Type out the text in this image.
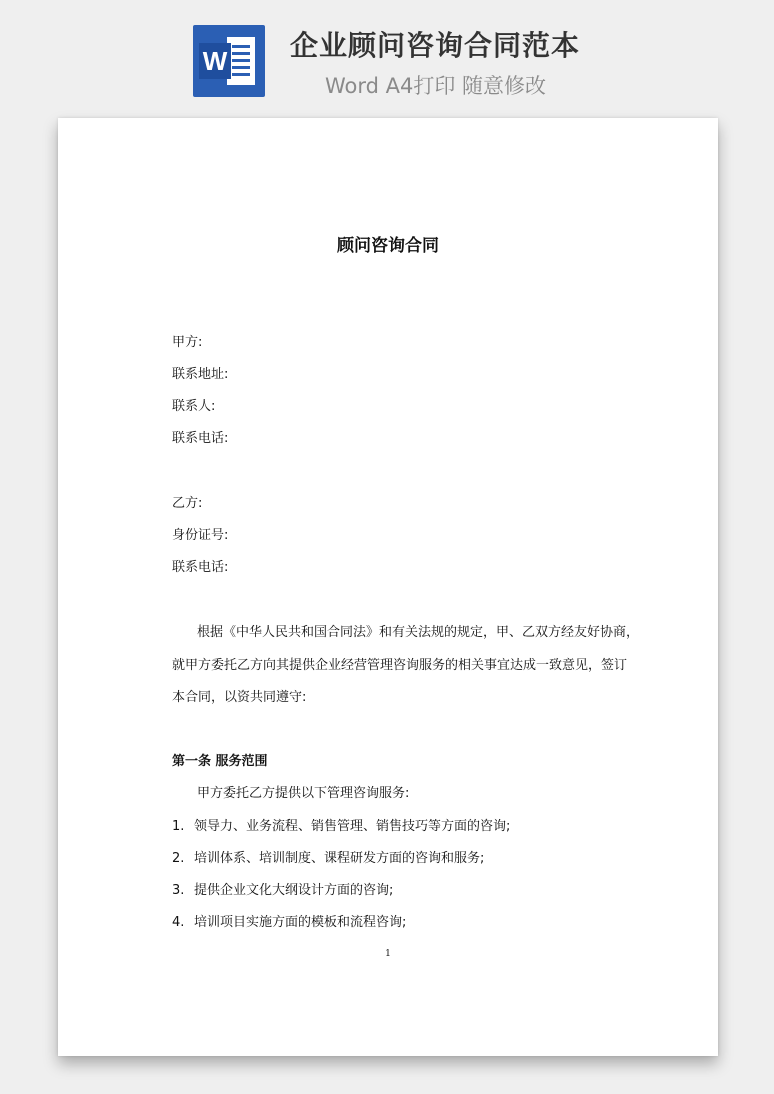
W 企业顾问咨询合同范本
Word A4打印 随意修改
顾问咨询合同
甲方:
联系地址:
联系人:
联系电话:
乙方:
身份证号:
联系电话:
根据《中华人民共和国合同法》和有关法规的规定，甲、乙双方经友好协商，
就甲方委托乙方向其提供企业经营管理咨询服务的相关事宜达成一致意见，签订
本合同，以资共同遵守:
第一条 服务范围
甲方委托乙方提供以下管理咨询服务:
1. 领导力、业务流程、销售管理、销售技巧等方面的咨询;
2. 培训体系、培训制度、课程研发方面的咨询和服务;
3. 提供企业文化大纲设计方面的咨询;
4. 培训项目实施方面的模板和流程咨询;
1
